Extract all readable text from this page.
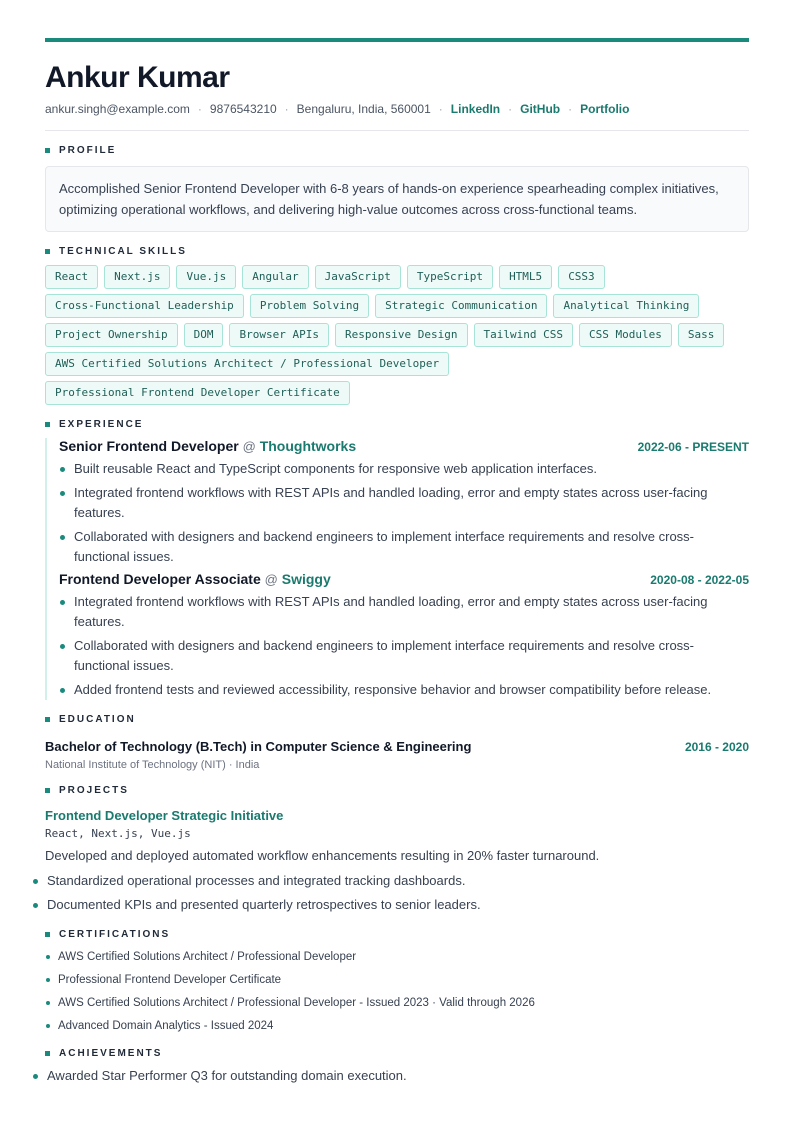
Ankur Kumar
ankur.singh@example.com · 9876543210 · Bengaluru, India, 560001 · LinkedIn · GitHub · Portfolio
PROFILE
Accomplished Senior Frontend Developer with 6-8 years of hands-on experience spearheading complex initiatives, optimizing operational workflows, and delivering high-value outcomes across cross-functional teams.
TECHNICAL SKILLS
React	Next.js	Vue.js	Angular	JavaScript	TypeScript	HTML5	CSS3
Cross-Functional Leadership	Problem Solving	Strategic Communication	Analytical Thinking
Project Ownership	DOM	Browser APIs	Responsive Design	Tailwind CSS	CSS Modules	Sass
AWS Certified Solutions Architect / Professional Developer
Professional Frontend Developer Certificate
EXPERIENCE
Senior Frontend Developer @ Thoughtworks	2022-06 - PRESENT
Built reusable React and TypeScript components for responsive web application interfaces.
Integrated frontend workflows with REST APIs and handled loading, error and empty states across user-facing features.
Collaborated with designers and backend engineers to implement interface requirements and resolve cross-functional issues.
Frontend Developer Associate @ Swiggy	2020-08 - 2022-05
Integrated frontend workflows with REST APIs and handled loading, error and empty states across user-facing features.
Collaborated with designers and backend engineers to implement interface requirements and resolve cross-functional issues.
Added frontend tests and reviewed accessibility, responsive behavior and browser compatibility before release.
EDUCATION
Bachelor of Technology (B.Tech) in Computer Science & Engineering	2016 - 2020
National Institute of Technology (NIT) · India
PROJECTS
Frontend Developer Strategic Initiative
React, Next.js, Vue.js
Developed and deployed automated workflow enhancements resulting in 20% faster turnaround.
Standardized operational processes and integrated tracking dashboards.
Documented KPIs and presented quarterly retrospectives to senior leaders.
CERTIFICATIONS
AWS Certified Solutions Architect / Professional Developer
Professional Frontend Developer Certificate
AWS Certified Solutions Architect / Professional Developer - Issued 2023 · Valid through 2026
Advanced Domain Analytics - Issued 2024
ACHIEVEMENTS
Awarded Star Performer Q3 for outstanding domain execution.
